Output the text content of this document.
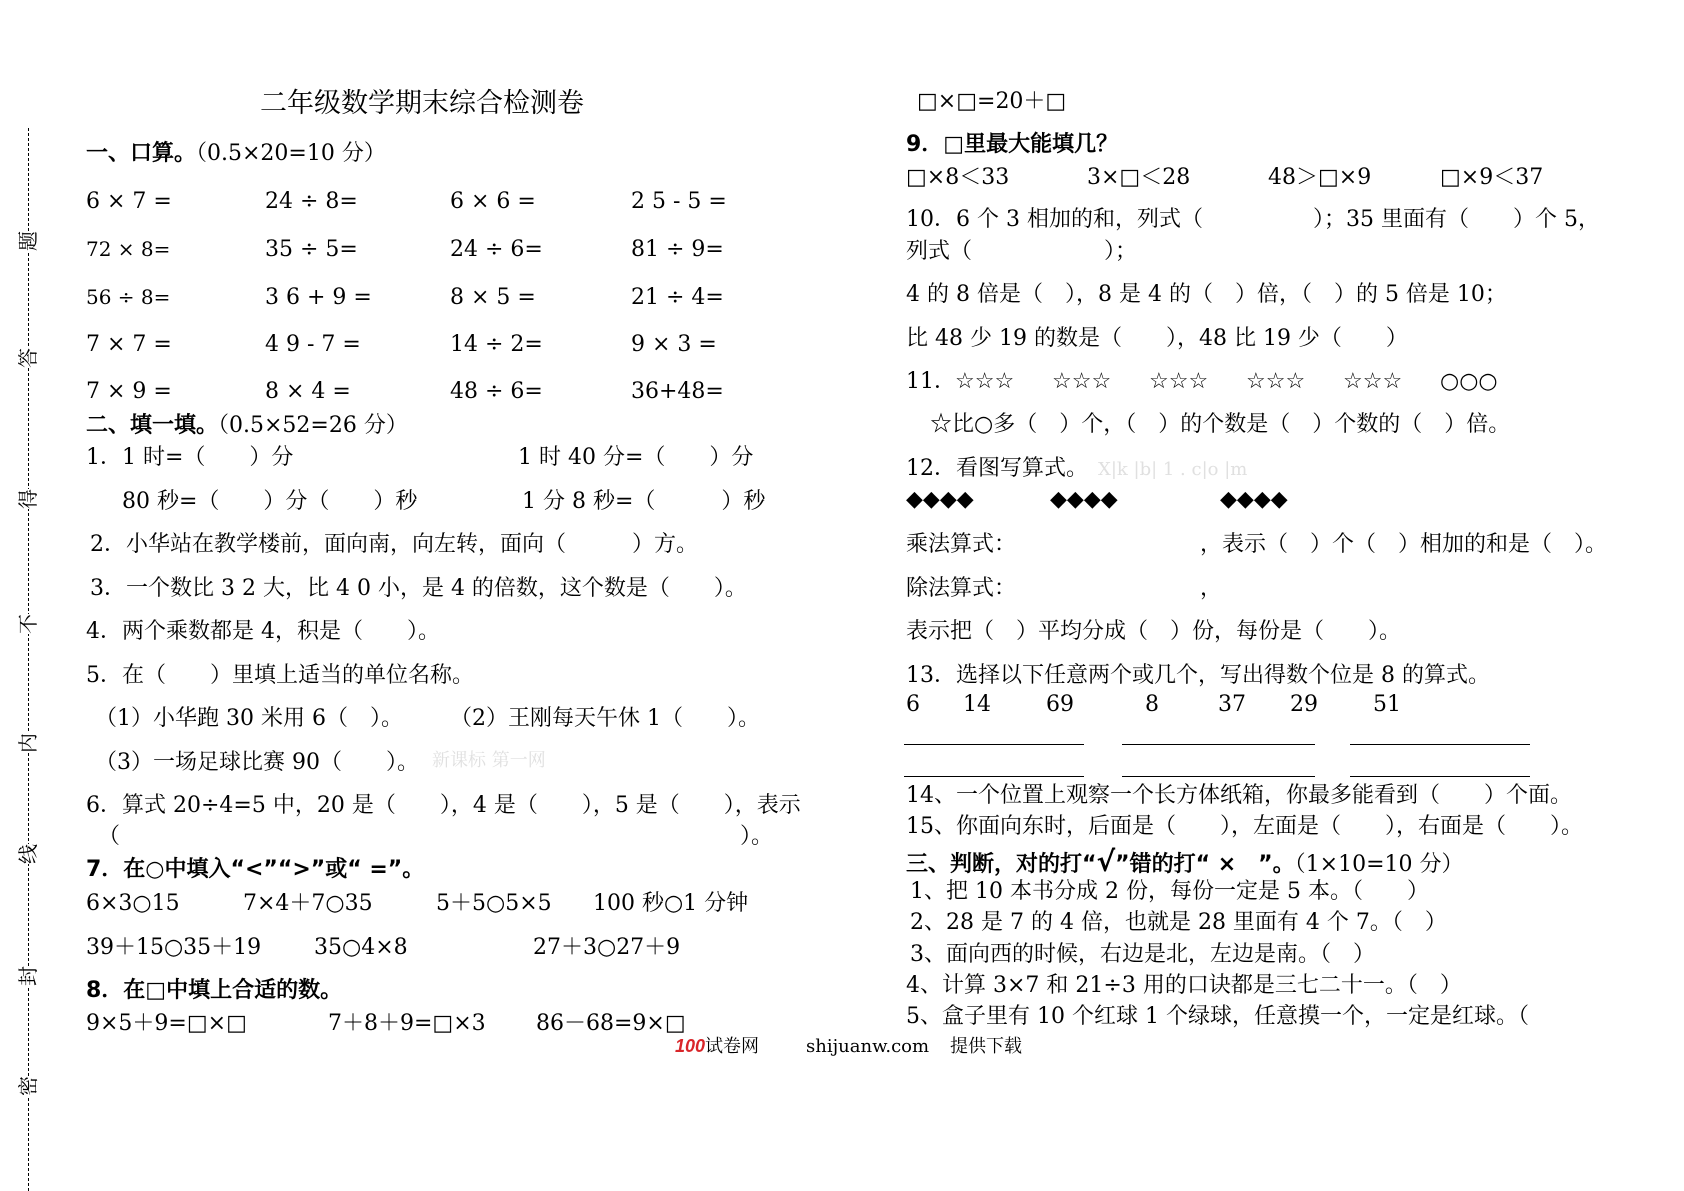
题
答
得
不
内
线
封
密
二年级数学期末综合检测卷
一、口算。（0.5×20=10 分）
6 × 7 =	24 ÷ 8=	6 × 6 =	2 5 - 5 =
72 × 8=	35 ÷ 5=	24 ÷ 6=	81 ÷ 9=
56 ÷ 8=	3 6 + 9 =	8 × 5 =	21 ÷ 4=
7 × 7 =	4 9 - 7 =	14 ÷ 2=	9 × 3 =
7 × 9 =	8 × 4 =	48 ÷ 6=	36+48=
二、填一填。（0.5×52=26 分）
1．1 时=（　　）分	1 时 40 分=（　　）分
80 秒=（　　）分（　　）秒	1 分 8 秒=（　　　）秒
2．小华站在教学楼前，面向南，向左转，面向（　　　）方。
3．一个数比 3 2 大，比 4 0 小，是 4 的倍数，这个数是（　　）。
4．两个乘数都是 4，积是（　　）。
5．在（　　）里填上适当的单位名称。
（1）小华跑 30 米用 6（　）。 （2）王刚每天午休 1（　　）。
（3）一场足球比赛 90（　　）。 新课标 第一网
6．算式 20÷4=5 中，20 是（　　），4 是（　　），5 是（　　），表示
（	）。
7．在○中填入“<”“>”或“ =”。
6×3○15	7×4＋7○35	5＋5○5×5 100 秒○1 分钟
39＋15○35＋19 35○4×8	27＋3○27＋9
8．在□中填上合适的数。
9×5＋9=□×□	7＋8＋9=□×3 86－68=9×□
□×□=20＋□
9．□里最大能填几？
□×8＜33	3×□＜28	48＞□×9	□×9＜37
10．6 个 3 相加的和，列式（　　　　　）；35 里面有（　　）个 5，
列式（　　　　　　）；
4 的 8 倍是（　），8 是 4 的（　）倍，（　）的 5 倍是 10；
比 48 少 19 的数是（　　），48 比 19 少（　　）
11． ☆☆☆ ☆☆☆ ☆☆☆ ☆☆☆ ☆☆☆ ○○○
☆比○多（　）个，（　）的个数是（　）个数的（　）倍。
12．看图写算式。 X|k |b| 1 . c|o |m
◆◆◆◆	◆◆◆◆	◆◆◆◆
乘法算式：	，表示（　）个（　）相加的和是（　）。
除法算式：	，
表示把（　）平均分成（　）份，每份是（　　）。
13．选择以下任意两个或几个，写出得数个位是 8 的算式。
6 14	69	8	37 29	51
14、一个位置上观察一个长方体纸箱，你最多能看到（　　）个面。
15、你面向东时，后面是（　　），左面是（　　），右面是（　　）。
三、判断，对的打“√”错的打“ ×　”。（1×10=10 分）
1、把 10 本书分成 2 份，每份一定是 5 本。（　　）
2、28 是 7 的 4 倍，也就是 28 里面有 4 个 7。（　）
3、面向西的时候，右边是北，左边是南。（　）
4、计算 3×7 和 21÷3 用的口诀都是三七二十一。（　）
5、盒子里有 10 个红球 1 个绿球，任意摸一个，一定是红球。（
100试卷网	shijuanw.com 提供下载
